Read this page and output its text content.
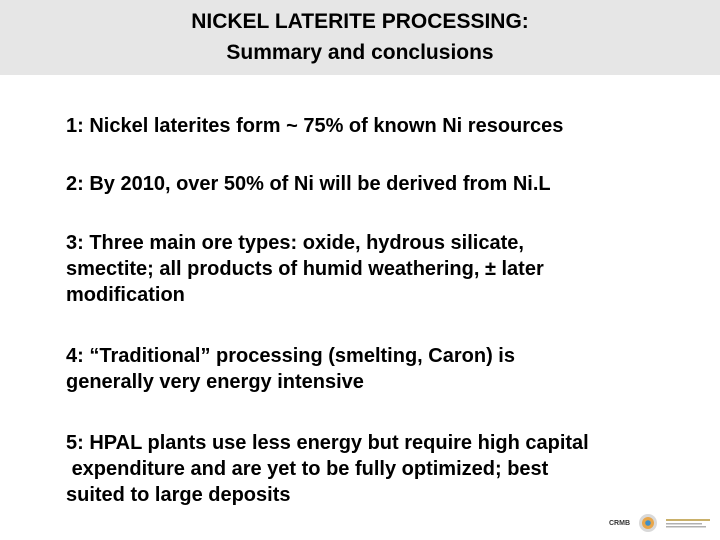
NICKEL LATERITE PROCESSING:
Summary and conclusions
1: Nickel laterites form ~ 75% of known Ni resources
2: By 2010, over 50% of Ni will be derived from Ni.L
3: Three main ore types: oxide, hydrous silicate,
smectite; all products of humid weathering, ± later
modification
4: “Traditional” processing (smelting, Caron) is
generally very energy intensive
5: HPAL plants use less energy but require high capital
expenditure and are yet to be fully optimized; best
suited to large deposits
CRMB
